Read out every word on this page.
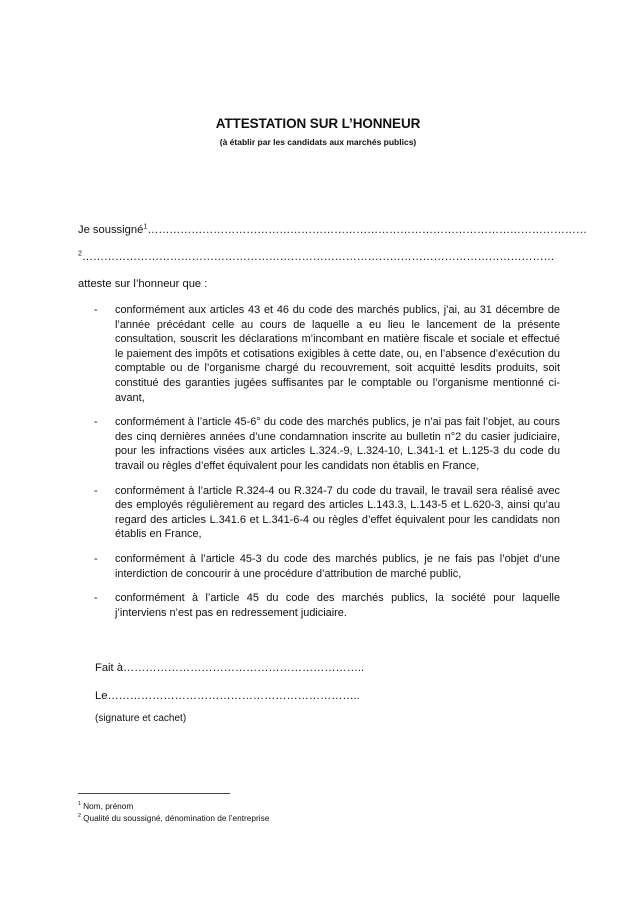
ATTESTATION SUR L’HONNEUR
(à établir par les candidats aux marchés publics)
Je soussigné$^1$…………………………………………………………………………………………………………
$^2$…………………………………………………………………………………………………………………
atteste sur l’honneur que :
- conformément aux articles 43 et 46 du code des marchés publics, j’ai, au 31 décembre de l’année précédant celle au cours de laquelle a eu lieu le lancement de la présente consultation, souscrit les déclarations m’incombant en matière fiscale et sociale et effectué le paiement des impôts et cotisations exigibles à cette date, ou, en l’absence d’exécution du comptable ou de l’organisme chargé du recouvrement, soit acquitté lesdits produits, soit constitué des garanties jugées suffisantes par le comptable ou l’organisme mentionné ci-avant,
- conformément à l’article 45-6° du code des marchés publics, je n’ai pas fait l’objet, au cours des cinq dernières années d’une condamnation inscrite au bulletin n°2 du casier judiciaire, pour les infractions visées aux articles L.324.-9, L.324-10, L.341-1 et L.125-3 du code du travail ou règles d’effet équivalent pour les candidats non établis en France,
- conformément à l’article R.324-4 ou R.324-7 du code du travail, le travail sera réalisé avec des employés régulièrement au regard des articles L.143.3, L.143-5 et L.620-3, ainsi qu’au regard des articles L.341.6 et L.341-6-4 ou règles d’effet équivalent pour les candidats non établis en France,
- conformément à l’article 45-3 du code des marchés publics, je ne fais pas l’objet d’une interdiction de concourir à une procédure d’attribution de marché public,
- conformément à l’article 45 du code des marchés publics, la société pour laquelle j’interviens n’est pas en redressement judiciaire.
Fait à………………………………………………………..
Le…………………………………………………………..
(signature et cachet)
$^1$ Nom, prénom
$^2$ Qualité du soussigné, dénomination de l’entreprise
